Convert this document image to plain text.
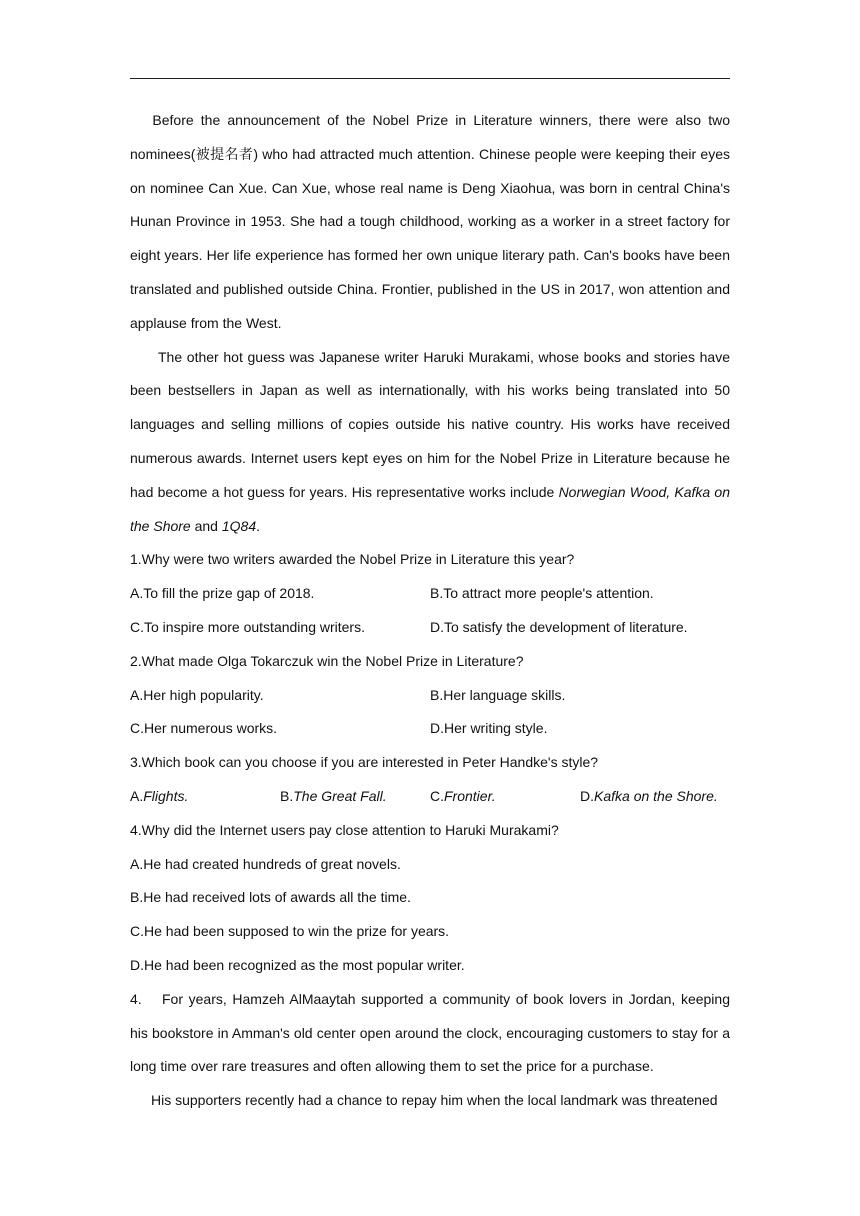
Before the announcement of the Nobel Prize in Literature winners, there were also two nominees(被提名者) who had attracted much attention. Chinese people were keeping their eyes on nominee Can Xue. Can Xue, whose real name is Deng Xiaohua, was born in central China's Hunan Province in 1953. She had a tough childhood, working as a worker in a street factory for eight years. Her life experience has formed her own unique literary path. Can's books have been translated and published outside China. Frontier, published in the US in 2017, won attention and applause from the West.

The other hot guess was Japanese writer Haruki Murakami, whose books and stories have been bestsellers in Japan as well as internationally, with his works being translated into 50 languages and selling millions of copies outside his native country. His works have received numerous awards. Internet users kept eyes on him for the Nobel Prize in Literature because he had become a hot guess for years. His representative works include Norwegian Wood, Kafka on the Shore and 1Q84.

1.Why were two writers awarded the Nobel Prize in Literature this year?

A.To fill the prize gap of 2018.	B.To attract more people's attention.
C.To inspire more outstanding writers.	D.To satisfy the development of literature.

2.What made Olga Tokarczuk win the Nobel Prize in Literature?

A.Her high popularity.	B.Her language skills.
C.Her numerous works.	D.Her writing style.

3.Which book can you choose if you are interested in Peter Handke's style?

A.Flights.	B.The Great Fall.	C.Frontier.	D.Kafka on the Shore.

4.Why did the Internet users pay close attention to Haruki Murakami?

A.He had created hundreds of great novels.

B.He had received lots of awards all the time.

C.He had been supposed to win the prize for years.

D.He had been recognized as the most popular writer.

4. For years, Hamzeh AlMaaytah supported a community of book lovers in Jordan, keeping his bookstore in Amman's old center open around the clock, encouraging customers to stay for a long time over rare treasures and often allowing them to set the price for a purchase.

His supporters recently had a chance to repay him when the local landmark was threatened
